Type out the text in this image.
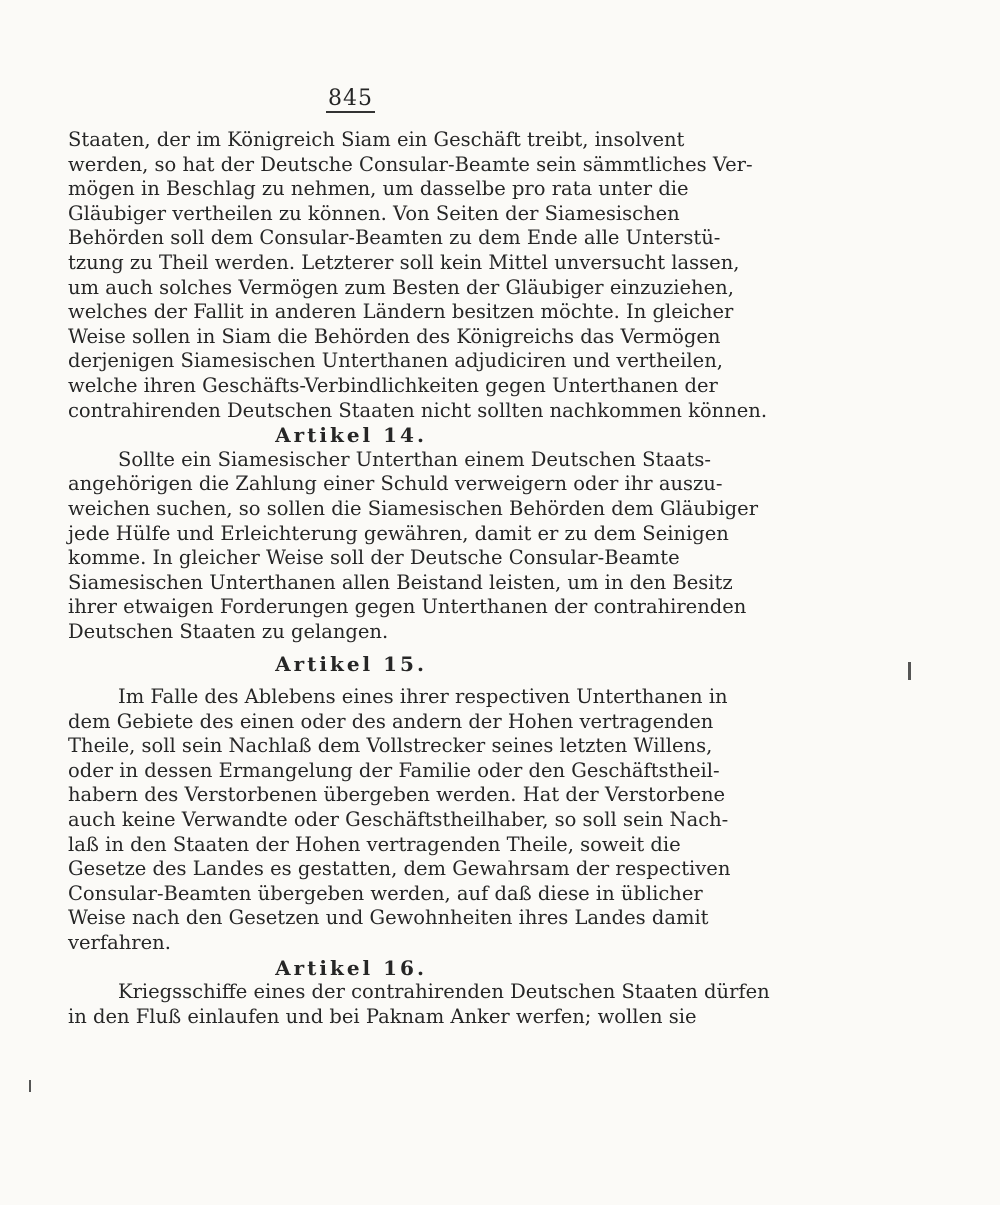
845
Staaten, der im Königreich Siam ein Geschäft treibt, insolvent
werden, so hat der Deutsche Consular-Beamte sein sämmtliches Ver-
mögen in Beschlag zu nehmen, um dasselbe pro rata unter die
Gläubiger vertheilen zu können. Von Seiten der Siamesischen
Behörden soll dem Consular-Beamten zu dem Ende alle Unterstü-
tzung zu Theil werden. Letzterer soll kein Mittel unversucht lassen,
um auch solches Vermögen zum Besten der Gläubiger einzuziehen,
welches der Fallit in anderen Ländern besitzen möchte. In gleicher
Weise sollen in Siam die Behörden des Königreichs das Vermögen
derjenigen Siamesischen Unterthanen adjudiciren und vertheilen,
welche ihren Geschäfts-Verbindlichkeiten gegen Unterthanen der
contrahirenden Deutschen Staaten nicht sollten nachkommen können.
Artikel 14.
Sollte ein Siamesischer Unterthan einem Deutschen Staats-
angehörigen die Zahlung einer Schuld verweigern oder ihr auszu-
weichen suchen, so sollen die Siamesischen Behörden dem Gläubiger
jede Hülfe und Erleichterung gewähren, damit er zu dem Seinigen
komme. In gleicher Weise soll der Deutsche Consular-Beamte
Siamesischen Unterthanen allen Beistand leisten, um in den Besitz
ihrer etwaigen Forderungen gegen Unterthanen der contrahirenden
Deutschen Staaten zu gelangen.
Artikel 15.
Im Falle des Ablebens eines ihrer respectiven Unterthanen in
dem Gebiete des einen oder des andern der Hohen vertragenden
Theile, soll sein Nachlaß dem Vollstrecker seines letzten Willens,
oder in dessen Ermangelung der Familie oder den Geschäftstheil-
habern des Verstorbenen übergeben werden. Hat der Verstorbene
auch keine Verwandte oder Geschäftstheilhaber, so soll sein Nach-
laß in den Staaten der Hohen vertragenden Theile, soweit die
Gesetze des Landes es gestatten, dem Gewahrsam der respectiven
Consular-Beamten übergeben werden, auf daß diese in üblicher
Weise nach den Gesetzen und Gewohnheiten ihres Landes damit
verfahren.
Artikel 16.
Kriegsschiffe eines der contrahirenden Deutschen Staaten dürfen
in den Fluß einlaufen und bei Paknam Anker werfen; wollen sie
